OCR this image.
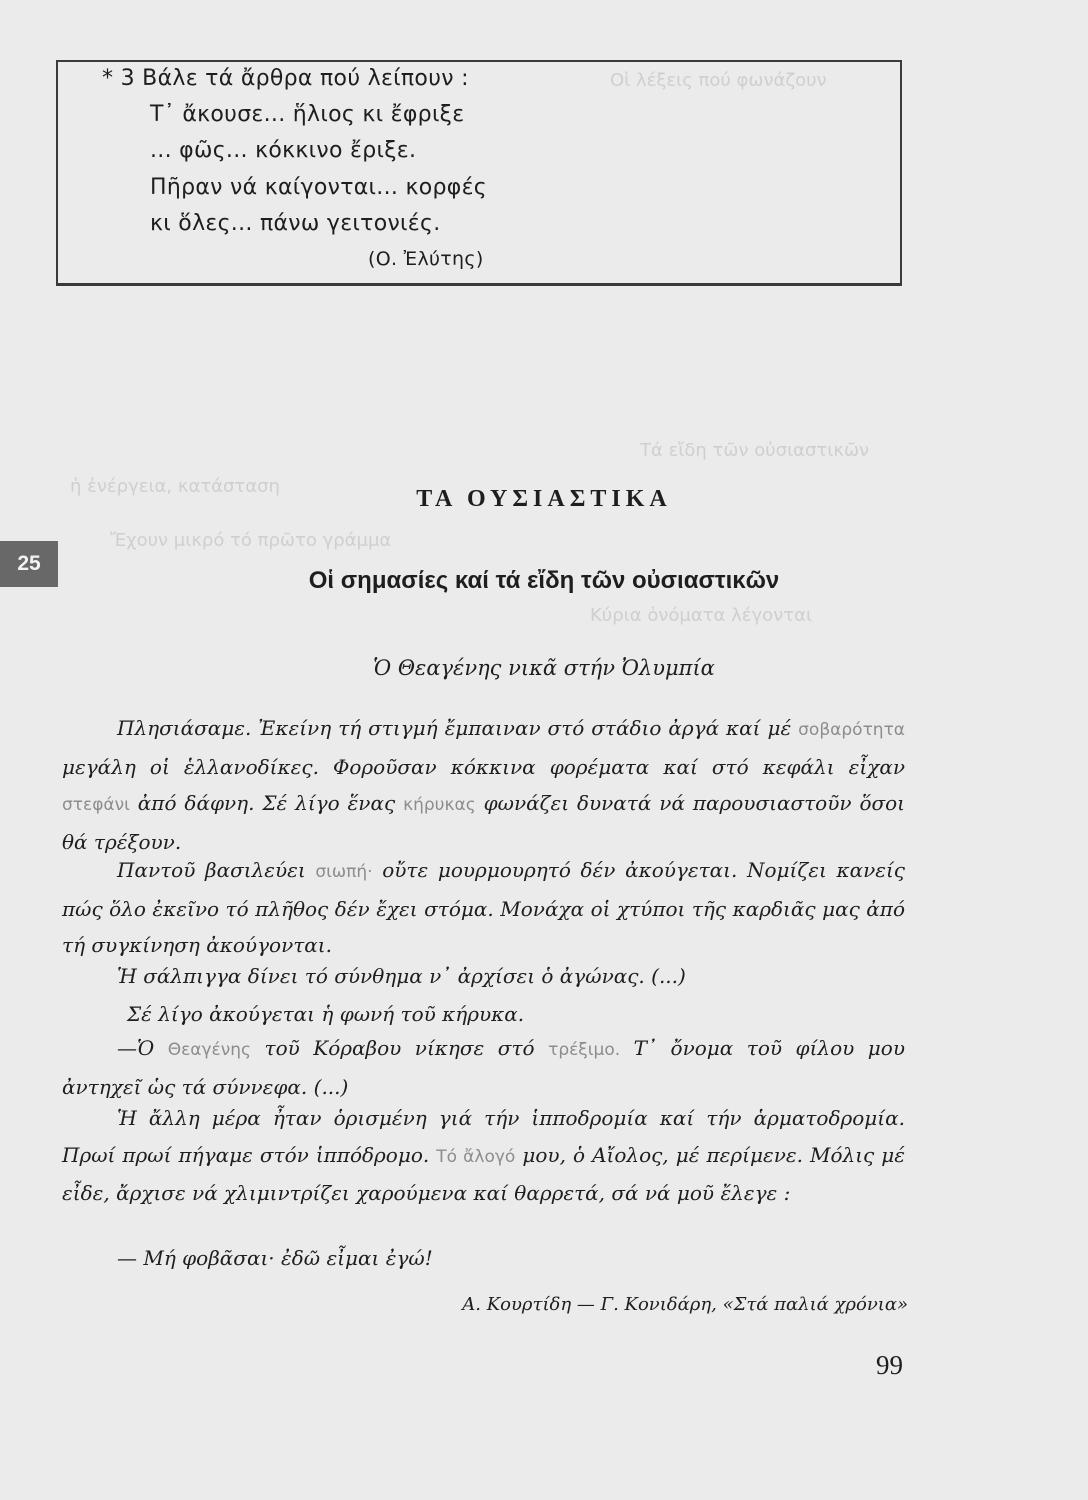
Οἱ λέξεις πού φωνάζουν
ἡ ἐνέργεια, κατάσταση
Τά εἴδη τῶν οὐσιαστικῶν
Κύρια ὀνόματα λέγονται
Ἔχουν μικρό τό πρῶτο γράμμα
* 3 Βάλε τά ἄρθρα πού λείπουν :
Τ᾽ ἄκουσε... ἥλιος κι ἔφριξε
... φῶς... κόκκινο ἔριξε.
Πῆραν νά καίγονται... κορφές
κι ὅλες... πάνω γειτονιές.
(Ο. Ἐλύτης)
25
ΤΑ ΟΥΣΙΑΣΤΙΚΑ
Οἱ σημασίες καί τά εἴδη τῶν οὐσιαστικῶν
Ὁ Θεαγένης νικᾶ στήν Ὀλυμπία

Πλησιάσαμε. Ἐκείνη τή στιγμή ἔμπαιναν στό στάδιο ἀργά καί μέ σοβαρότητα μεγάλη οἱ ἑλλανοδίκες. Φοροῦσαν κόκκινα φορέματα καί στό κεφάλι εἶχαν στεφάνι ἀπό δάφνη. Σέ λίγο ἕνας κήρυκας φωνάζει δυνατά νά παρουσιαστοῦν ὅσοι θά τρέξουν.

Παντοῦ βασιλεύει σιωπή· οὔτε μουρμουρητό δέν ἀκούγεται. Νομίζει κανείς πώς ὅλο ἐκεῖνο τό πλῆθος δέν ἔχει στόμα. Μονάχα οἱ χτύποι τῆς καρδιᾶς μας ἀπό τή συγκίνηση ἀκούγονται.

Ἡ σάλπιγγα δίνει τό σύνθημα ν᾽ ἀρχίσει ὁ ἀγώνας. (...)

Σέ λίγο ἀκούγεται ἡ φωνή τοῦ κήρυκα.

—Ὁ Θεαγένης τοῦ Κόραβου νίκησε στό τρέξιμο. Τ᾽ ὄνομα τοῦ φίλου μου ἀντηχεῖ ὡς τά σύννεφα. (...)

Ἡ ἄλλη μέρα ἦταν ὁρισμένη γιά τήν ἱπποδρομία καί τήν ἁρματοδρομία. Πρωί πρωί πήγαμε στόν ἱππόδρομο. Τό ἄλογό μου, ὁ Αἴολος, μέ περίμενε. Μόλις μέ εἶδε, ἄρχισε νά χλιμιντρίζει χαρούμενα καί θαρρετά, σά νά μοῦ ἔλεγε :

— Μή φοβᾶσαι· ἐδῶ εἶμαι ἐγώ!

Α. Κουρτίδη — Γ. Κονιδάρη, «Στά παλιά χρόνια»
99
